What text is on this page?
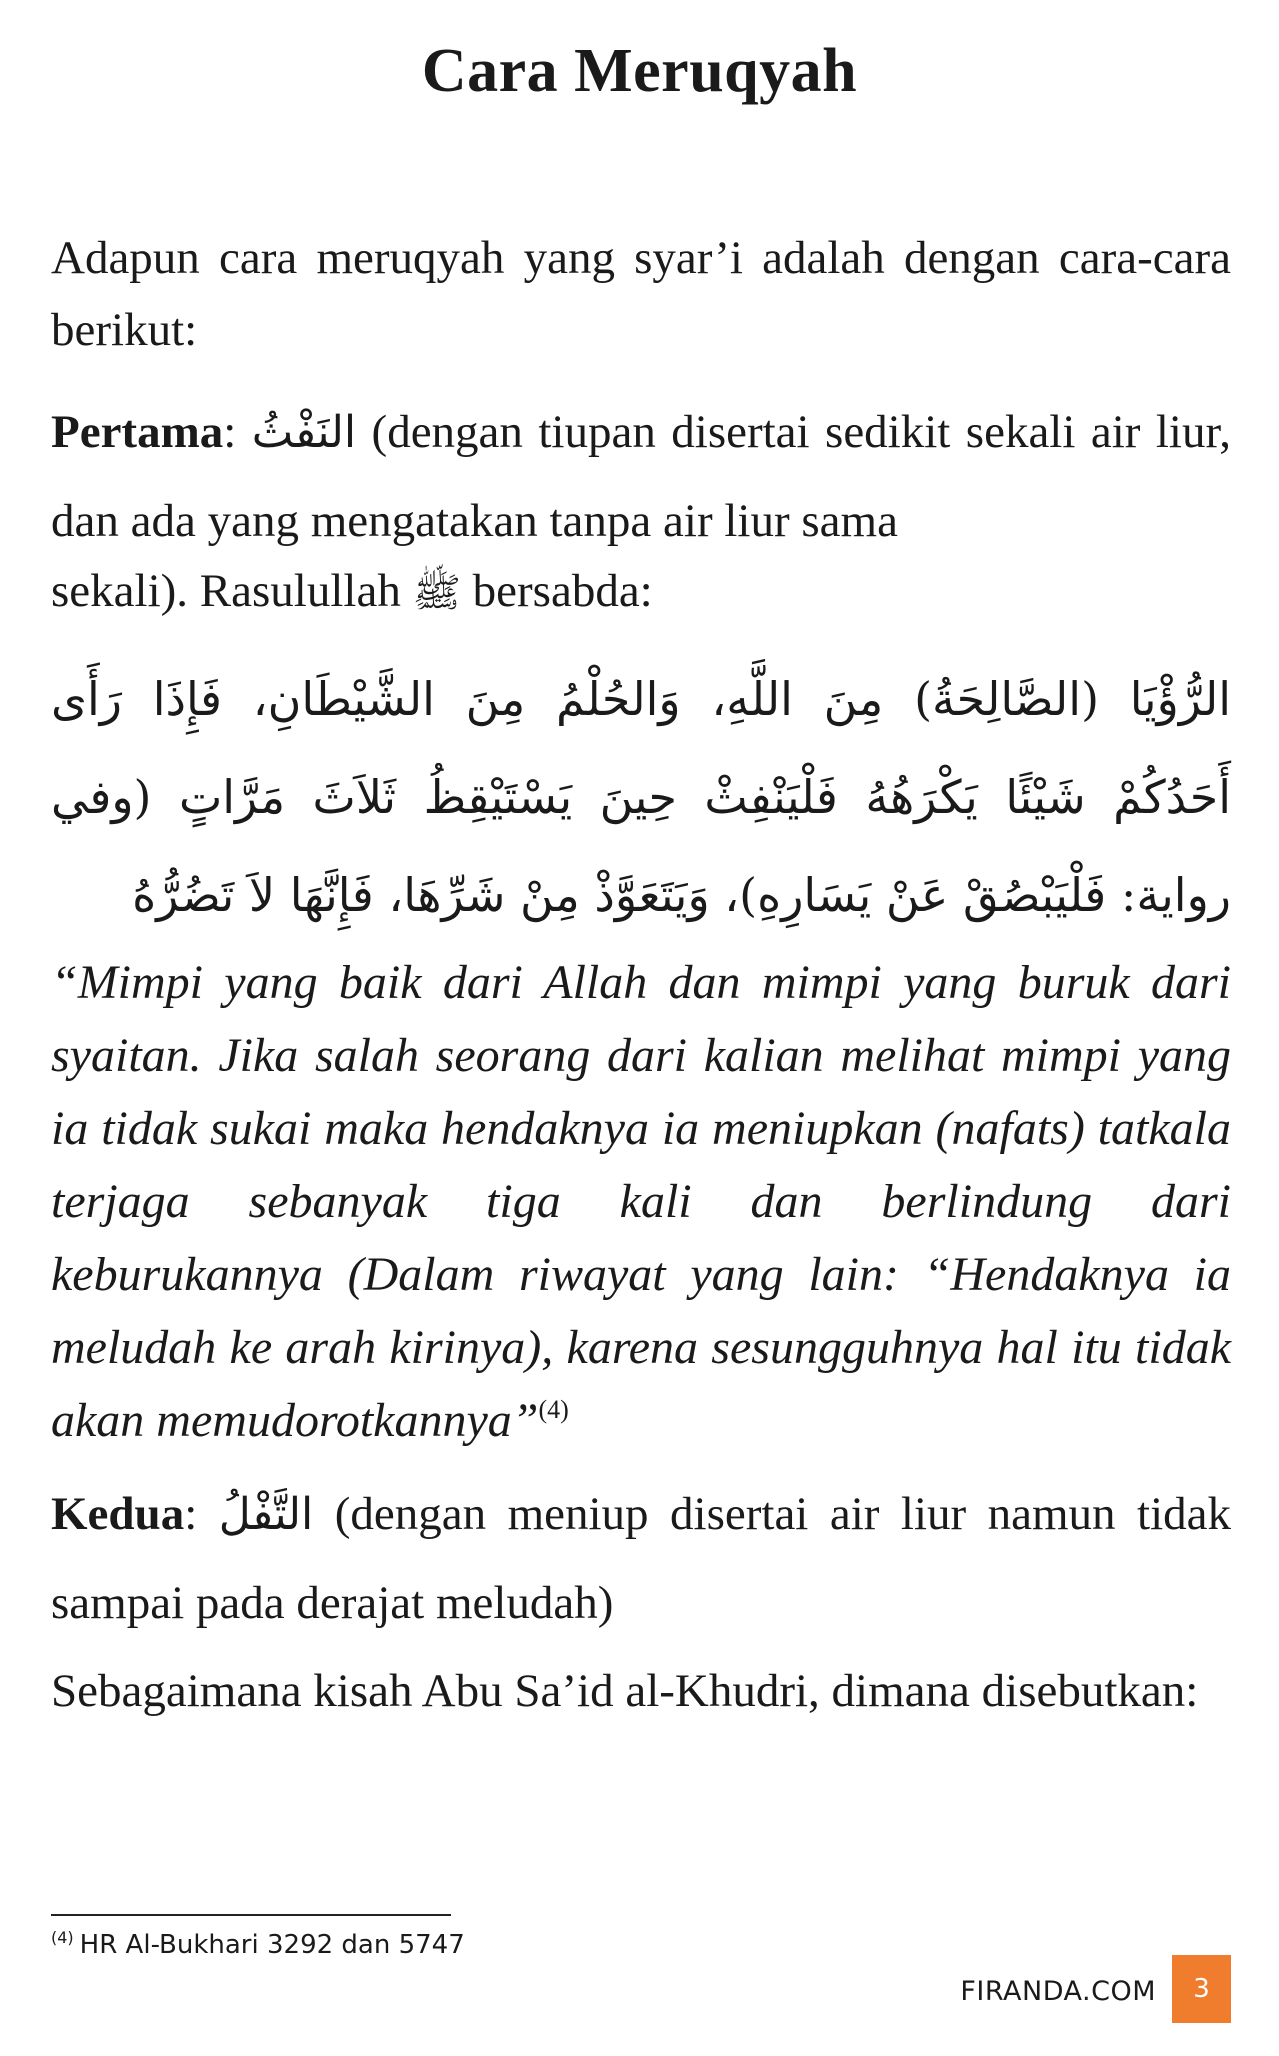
Cara Meruqyah
Adapun cara meruqyah yang syar’i adalah dengan cara-cara berikut:
Pertama: النَفْثُ (dengan tiupan disertai sedikit sekali air liur, dan ada yang mengatakan tanpa air liur sama
sekali). Rasulullah ﷺ bersabda:
الرُّؤْيَا (الصَّالِحَةُ) مِنَ اللَّهِ، وَالحُلْمُ مِنَ الشَّيْطَانِ، فَإِذَا رَأَى أَحَدُكُمْ شَيْئًا يَكْرَهُهُ فَلْيَنْفِثْ حِينَ يَسْتَيْقِظُ ثَلاَثَ مَرَّاتٍ (وفي رواية: فَلْيَبْصُقْ عَنْ يَسَارِهِ)، وَيَتَعَوَّذْ مِنْ شَرِّهَا، فَإِنَّهَا لاَ تَضُرُّهُ
“Mimpi yang baik dari Allah dan mimpi yang buruk dari syaitan. Jika salah seorang dari kalian melihat mimpi yang ia tidak sukai maka hendaknya ia meniupkan (nafats) tatkala terjaga sebanyak tiga kali dan berlindung dari keburukannya (Dalam riwayat yang lain: “Hendaknya ia meludah ke arah kirinya), karena sesungguhnya hal itu tidak akan memudorotkannya”$^{(4)}$
Kedua: التَّفْلُ (dengan meniup disertai air liur namun tidak sampai pada derajat meludah)
Sebagaimana kisah Abu Sa’id al-Khudri, dimana disebutkan:
$^{(4)}$ HR Al-Bukhari 3292 dan 5747
FIRANDA.COM	3
